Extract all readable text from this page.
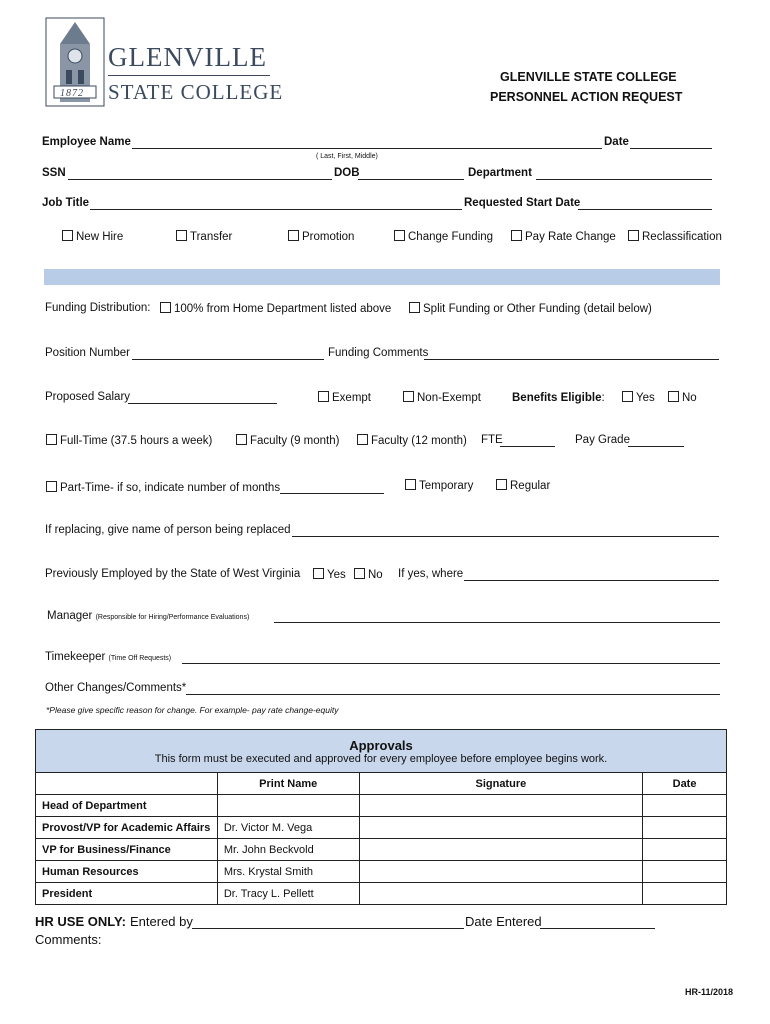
1872
GLENVILLE
STATE COLLEGE
GLENVILLE STATE COLLEGE
PERSONNEL ACTION REQUEST
Employee Name	Date
( Last, First, Middle)
SSN	DOB	Department
Job Title	Requested Start Date
New Hire	Transfer	Promotion	Change Funding	Pay Rate Change	Reclassification
Funding Distribution:	100% from Home Department listed above	Split Funding or Other Funding (detail below)
Position Number	Funding Comments
Proposed Salary	Exempt	Non-Exempt	Benefits Eligible:	Yes	No
Full-Time (37.5 hours a week)	Faculty (9 month)	Faculty (12 month) FTE	Pay Grade
Part-Time- if so, indicate number of months	Temporary	Regular
If replacing, give name of person being replaced
Previously Employed by the State of West Virginia	Yes	No If yes, where
Manager (Responsible for Hiring/Performance Evaluations)
Timekeeper (Time Off Requests)
Other Changes/Comments*
*Please give specific reason for change. For example- pay rate change-equity
Approvals
This form must be executed and approved for every employee before employee begins work.			

	Print Name	Signature	Date
Head of Department			
Provost/VP for Academic Affairs	Dr. Victor M. Vega		
VP for Business/Finance	Mr. John Beckvold		
Human Resources	Mrs. Krystal Smith		
President	Dr. Tracy L. Pellett		
HR USE ONLY: Entered by	Date Entered
Comments:
HR-11/2018
